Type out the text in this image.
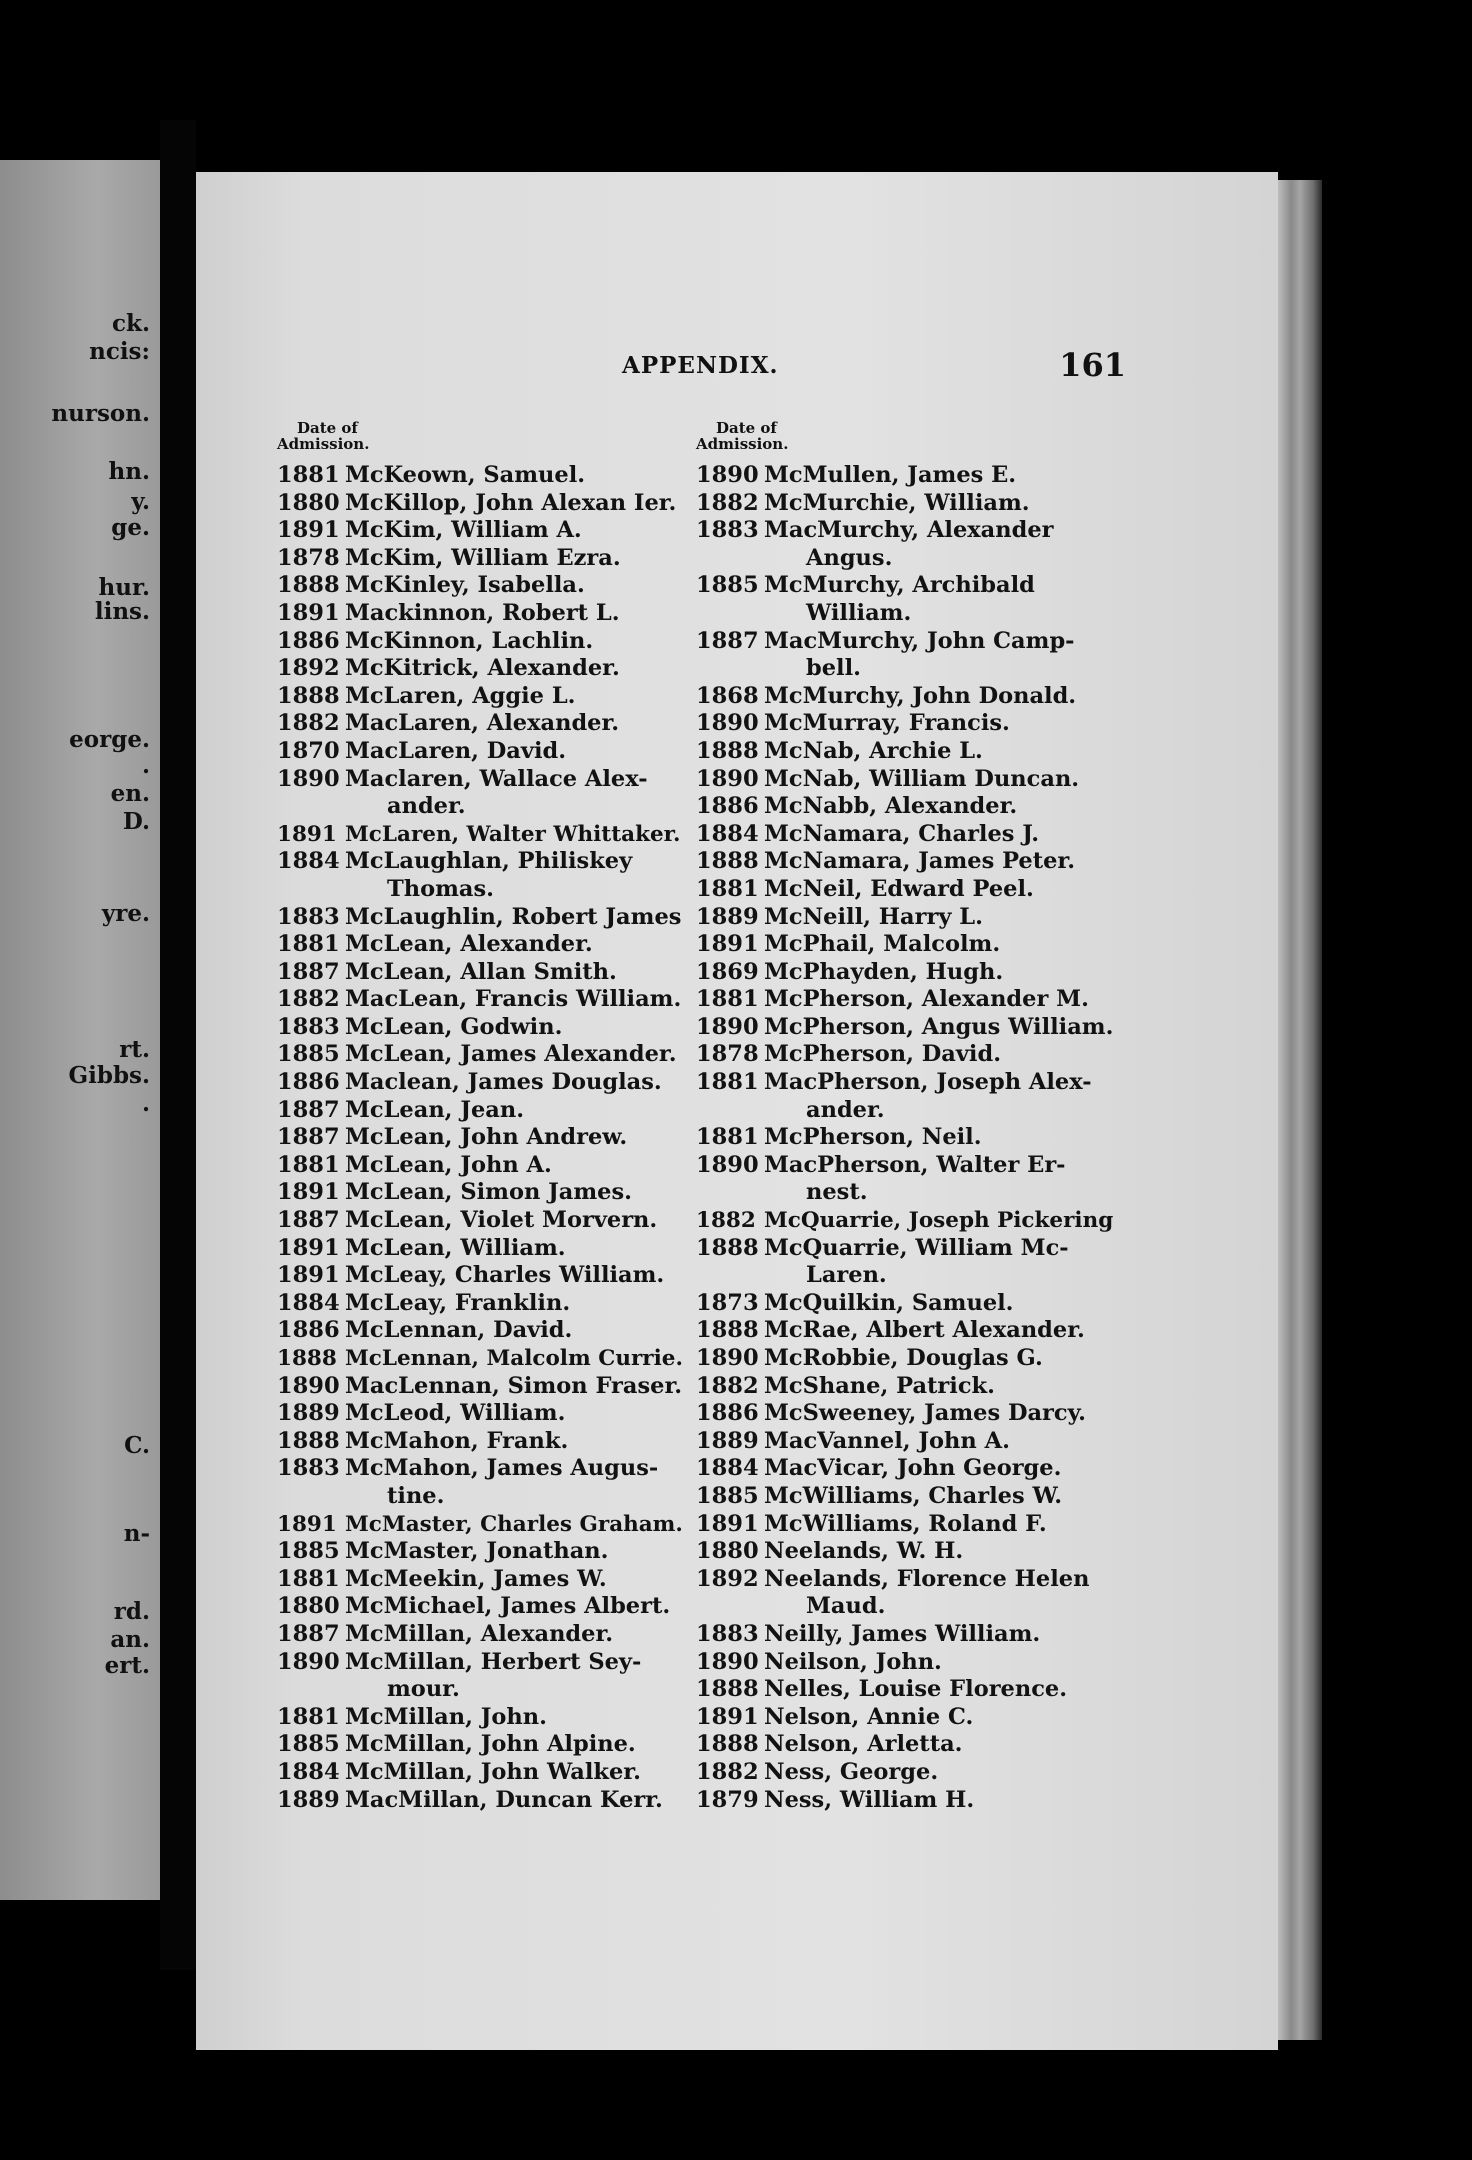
ck.
ncis:
nurson.
hn.
y.
ge.
hur.
lins.
eorge.
.
en.
D.
yre.
rt.
Gibbs.
.
C.
n-
rd.
an.
ert.
APPENDIX.	161
Date of
Admission.
1881 McKeown, Samuel.
1880 McKillop, John Alexan Ier.
1891 McKim, William A.
1878 McKim, William Ezra.
1888 McKinley, Isabella.
1891 Mackinnon, Robert L.
1886 McKinnon, Lachlin.
1892 McKitrick, Alexander.
1888 McLaren, Aggie L.
1882 MacLaren, Alexander.
1870 MacLaren, David.
1890 Maclaren, Wallace Alex-
ander.
1891 McLaren, Walter Whittaker.
1884 McLaughlan, Philiskey
Thomas.
1883 McLaughlin, Robert James
1881 McLean, Alexander.
1887 McLean, Allan Smith.
1882 MacLean, Francis William.
1883 McLean, Godwin.
1885 McLean, James Alexander.
1886 Maclean, James Douglas.
1887 McLean, Jean.
1887 McLean, John Andrew.
1881 McLean, John A.
1891 McLean, Simon James.
1887 McLean, Violet Morvern.
1891 McLean, William.
1891 McLeay, Charles William.
1884 McLeay, Franklin.
1886 McLennan, David.
1888 McLennan, Malcolm Currie.
1890 MacLennan, Simon Fraser.
1889 McLeod, William.
1888 McMahon, Frank.
1883 McMahon, James Augus-
tine.
1891 McMaster, Charles Graham.
1885 McMaster, Jonathan.
1881 McMeekin, James W.
1880 McMichael, James Albert.
1887 McMillan, Alexander.
1890 McMillan, Herbert Sey-
mour.
1881 McMillan, John.
1885 McMillan, John Alpine.
1884 McMillan, John Walker.
1889 MacMillan, Duncan Kerr.
Date of
Admission.
1890 McMullen, James E.
1882 McMurchie, William.
1883 MacMurchy, Alexander
Angus.
1885 McMurchy, Archibald
William.
1887 MacMurchy, John Camp-
bell.
1868 McMurchy, John Donald.
1890 McMurray, Francis.
1888 McNab, Archie L.
1890 McNab, William Duncan.
1886 McNabb, Alexander.
1884 McNamara, Charles J.
1888 McNamara, James Peter.
1881 McNeil, Edward Peel.
1889 McNeill, Harry L.
1891 McPhail, Malcolm.
1869 McPhayden, Hugh.
1881 McPherson, Alexander M.
1890 McPherson, Angus William.
1878 McPherson, David.
1881 MacPherson, Joseph Alex-
ander.
1881 McPherson, Neil.
1890 MacPherson, Walter Er-
nest.
1882 McQuarrie, Joseph Pickering
1888 McQuarrie, William Mc-
Laren.
1873 McQuilkin, Samuel.
1888 McRae, Albert Alexander.
1890 McRobbie, Douglas G.
1882 McShane, Patrick.
1886 McSweeney, James Darcy.
1889 MacVannel, John A.
1884 MacVicar, John George.
1885 McWilliams, Charles W.
1891 McWilliams, Roland F.
1880 Neelands, W. H.
1892 Neelands, Florence Helen
Maud.
1883 Neilly, James William.
1890 Neilson, John.
1888 Nelles, Louise Florence.
1891 Nelson, Annie C.
1888 Nelson, Arletta.
1882 Ness, George.
1879 Ness, William H.
